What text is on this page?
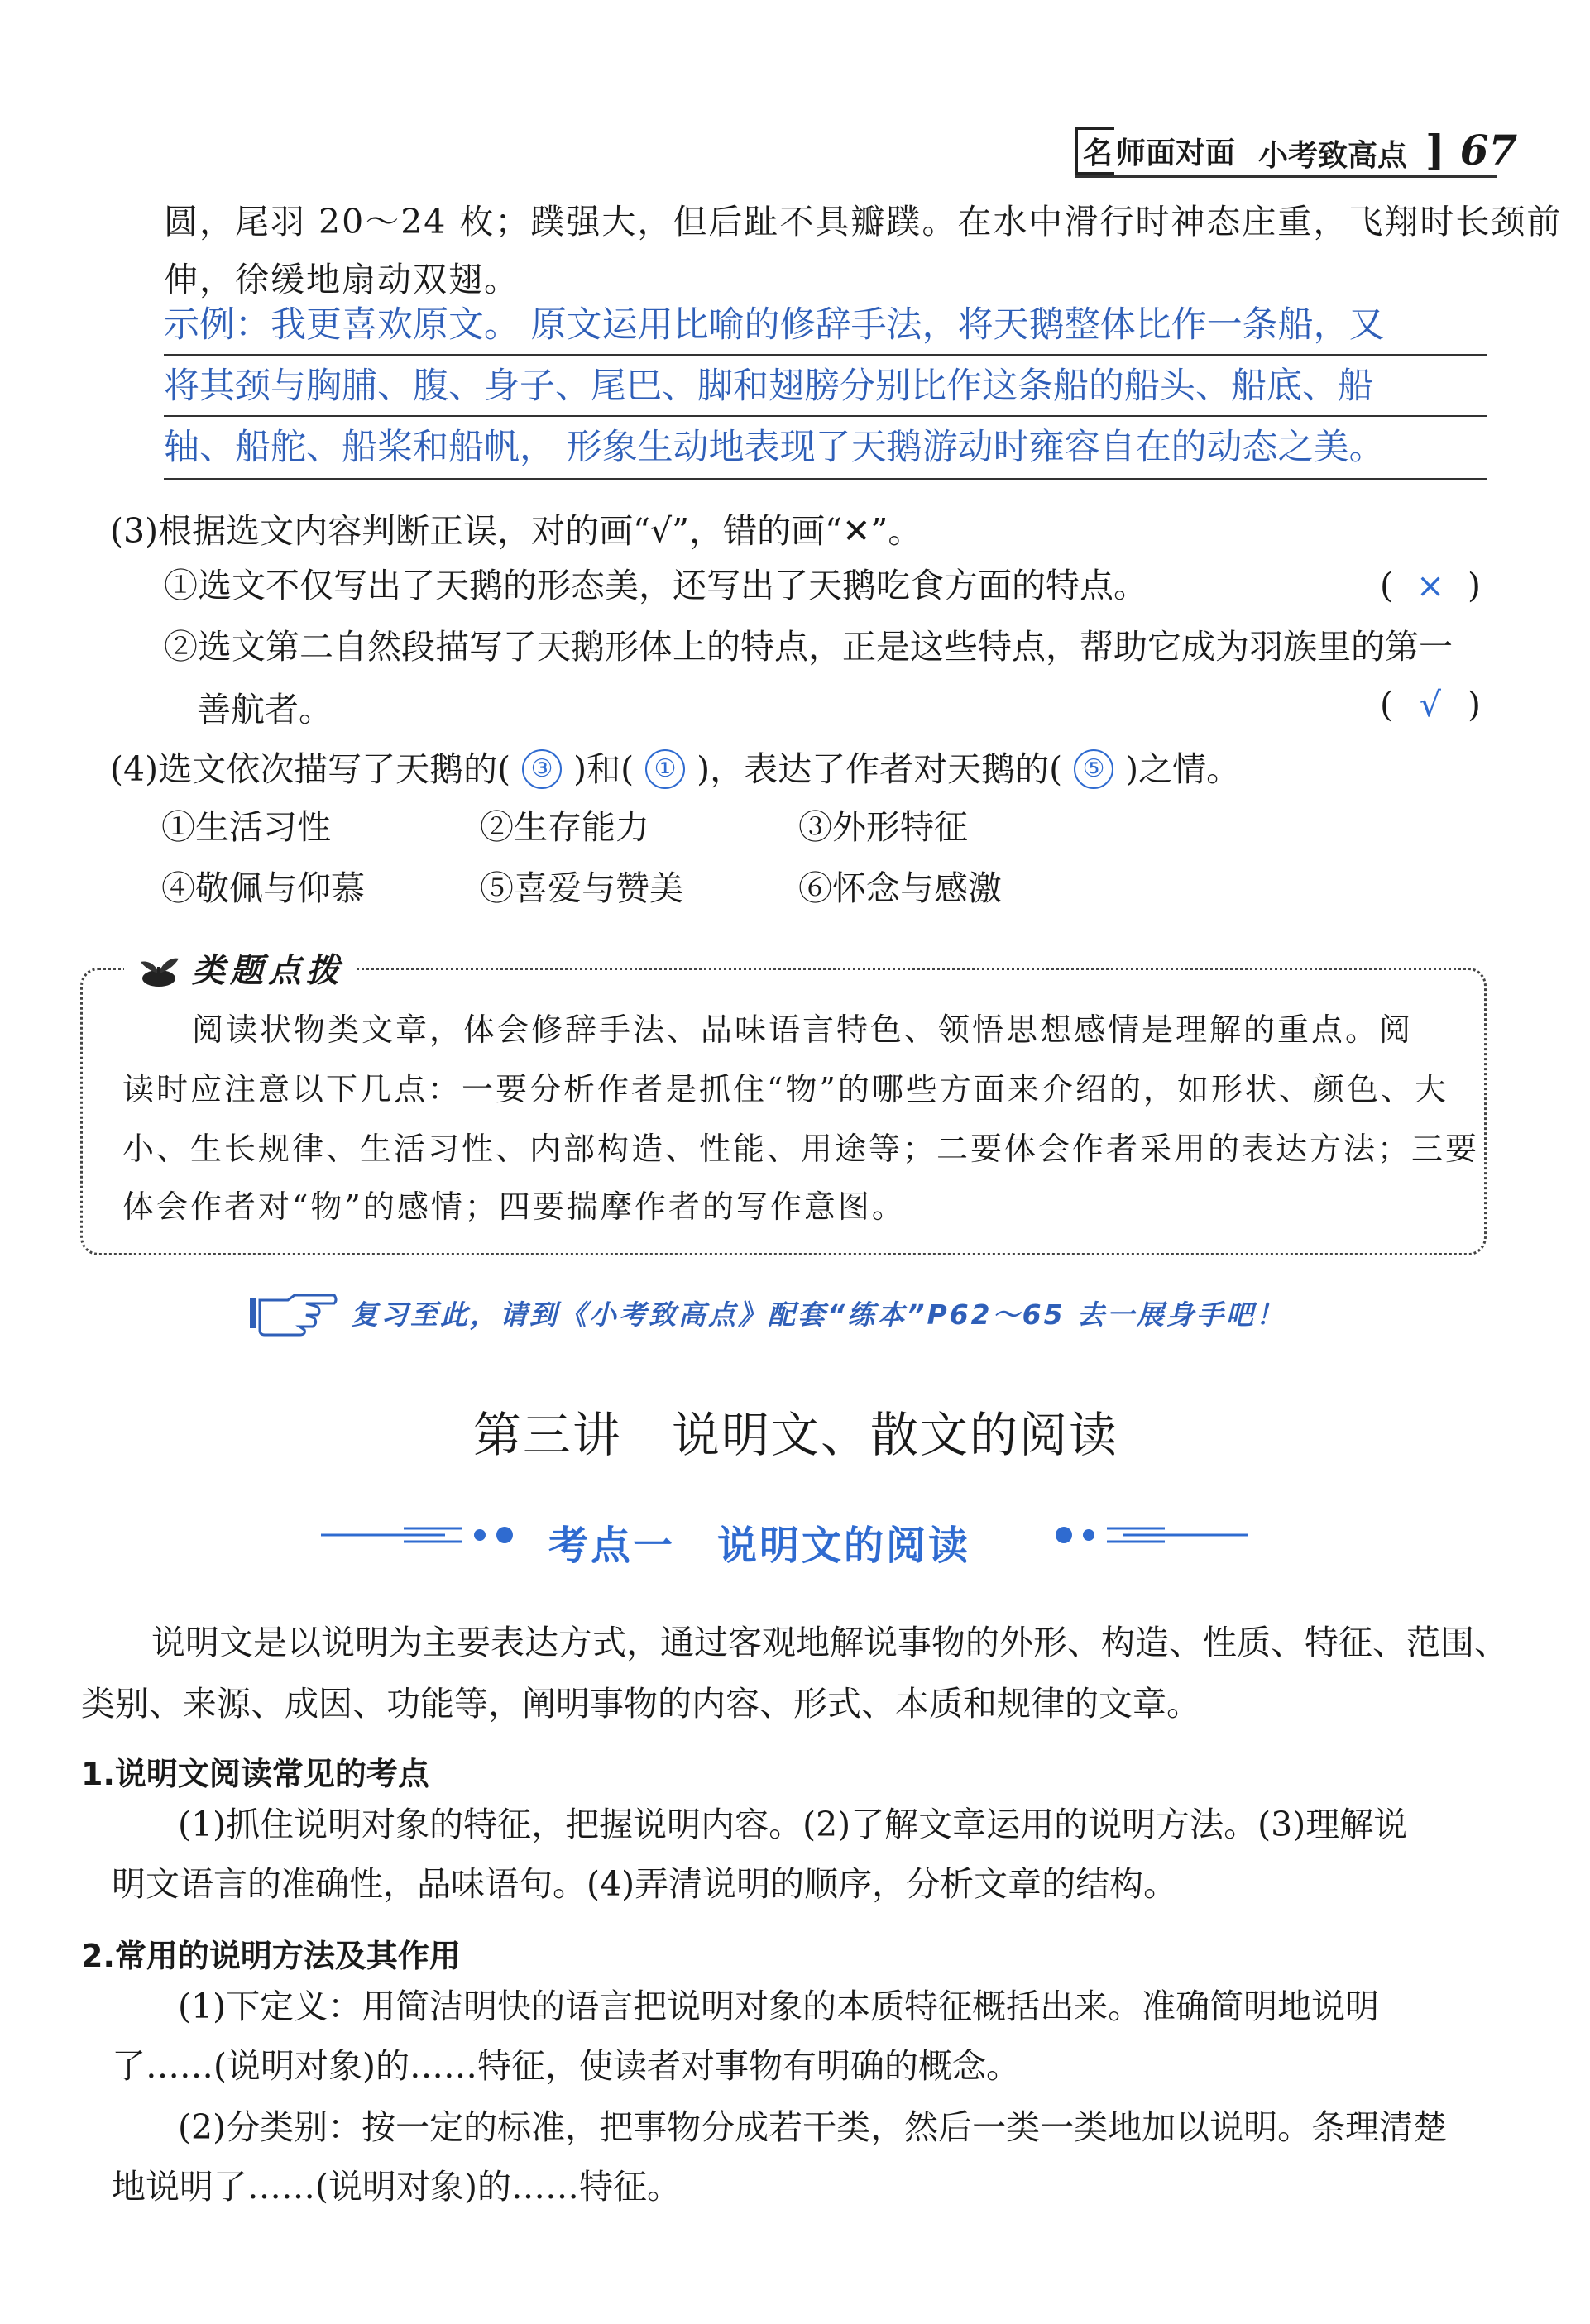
名 师面对面 小考致高点 ] 67
圆，尾羽 20～24 枚；蹼强大，但后趾不具瓣蹼。在水中滑行时神态庄重，飞翔时长颈前
伸，徐缓地扇动双翅。
示例：我更喜欢原文。 原文运用比喻的修辞手法，将天鹅整体比作一条船，又
将其颈与胸脯、腹、身子、尾巴、脚和翅膀分别比作这条船的船头、船底、船
轴、船舵、船桨和船帆， 形象生动地表现了天鹅游动时雍容自在的动态之美。
(3)根据选文内容判断正误，对的画“√”，错的画“✕”。
①选文不仅写出了天鹅的形态美，还写出了天鹅吃食方面的特点。	( × )
②选文第二自然段描写了天鹅形体上的特点，正是这些特点，帮助它成为羽族里的第一
善航者。	( √ )
(4)选文依次描写了天鹅的( ③ )和( ① )，表达了作者对天鹅的( ⑤ )之情。
①生活习性	②生存能力	③外形特征
④敬佩与仰慕	⑤喜爱与赞美	⑥怀念与感激
类题点拨
阅读状物类文章，体会修辞手法、品味语言特色、领悟思想感情是理解的重点。阅
读时应注意以下几点：一要分析作者是抓住“物”的哪些方面来介绍的，如形状、颜色、大
小、生长规律、生活习性、内部构造、性能、用途等；二要体会作者采用的表达方法；三要
体会作者对“物”的感情；四要揣摩作者的写作意图。
复习至此，请到《小考致高点》配套“练本”P62～65 去一展身手吧！
第三讲　说明文、散文的阅读
考点一　说明文的阅读
说明文是以说明为主要表达方式，通过客观地解说事物的外形、构造、性质、特征、范围、
类别、来源、成因、功能等，阐明事物的内容、形式、本质和规律的文章。
1.说明文阅读常见的考点
(1)抓住说明对象的特征，把握说明内容。(2)了解文章运用的说明方法。(3)理解说
明文语言的准确性，品味语句。(4)弄清说明的顺序，分析文章的结构。
2.常用的说明方法及其作用
(1)下定义：用简洁明快的语言把说明对象的本质特征概括出来。准确简明地说明
了……(说明对象)的……特征，使读者对事物有明确的概念。
(2)分类别：按一定的标准，把事物分成若干类，然后一类一类地加以说明。条理清楚
地说明了……(说明对象)的……特征。
